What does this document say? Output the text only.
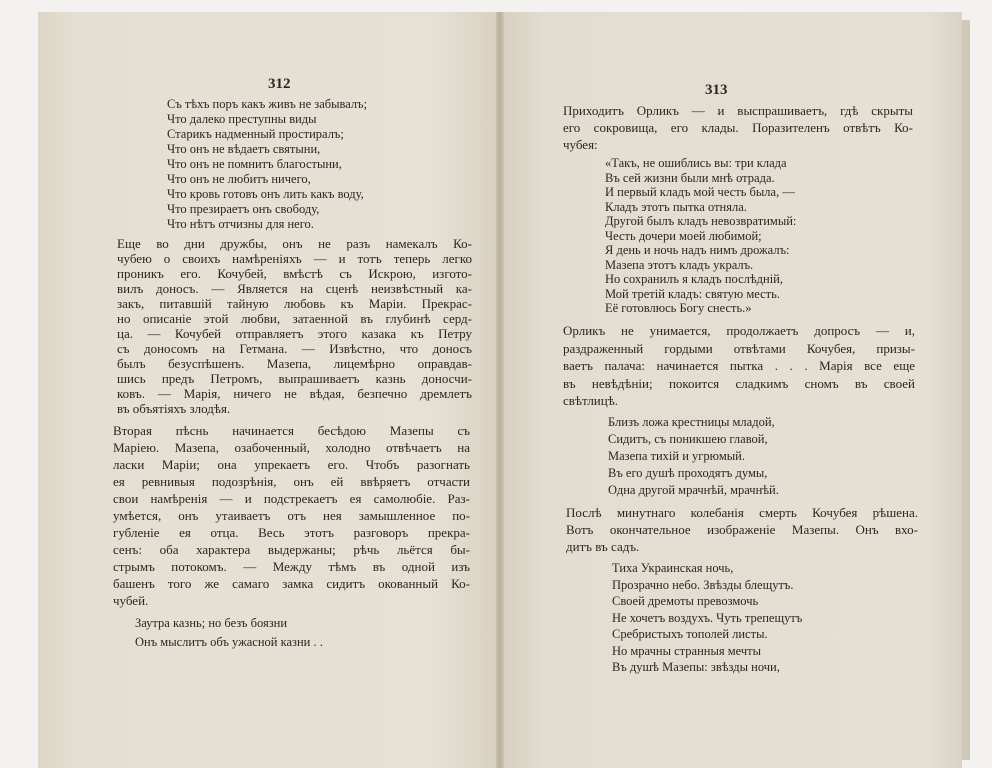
312
Съ тѣхъ поръ какъ живъ не забывалъ;
Что далеко преступны виды
Старикъ надменный простиралъ;
Что онъ не вѣдаетъ святыни,
Что онъ не помнитъ благостыни,
Что онъ не любитъ ничего,
Что кровь готовъ онъ лить какъ воду,
Что презираетъ онъ свободу,
Что нѣтъ отчизны для него.
Еще во дни дружбы, онъ не разъ намекалъ Ко-
чубею о своихъ намѣреніяхъ — и тотъ теперь легко
проникъ его. Кочубей, вмѣстѣ съ Искрою, изгото-
вилъ доносъ. — Является на сценѣ неизвѣстный ка-
закъ, питавшій тайную любовь къ Маріи. Прекрас-
но описаніе этой любви, затаенной въ глубинѣ серд-
ца. — Кочубей отправляетъ этого казака къ Петру
съ доносомъ на Гетмана. — Извѣстно, что доносъ
былъ безуспѣшенъ. Мазепа, лицемѣрно оправдав-
шись предъ Петромъ, выпрашиваетъ казнь доносчи-
ковъ. — Марія, ничего не вѣдая, безпечно дремлетъ
въ объятіяхъ злодѣя.
Вторая пѣснь начинается бесѣдою Мазепы съ
Маріею. Мазепа, озабоченный, холодно отвѣчаетъ на
ласки Маріи; она упрекаетъ его. Чтобъ разогнать
ея ревнивыя подозрѣнія, онъ ей ввѣряетъ отчасти
свои намѣренія — и подстрекаетъ ея самолюбіе. Раз-
умѣется, онъ утаиваетъ отъ нея замышленное по-
губленіе ея отца. Весь этотъ разговоръ прекра-
сенъ: оба характера выдержаны; рѣчь льётся бы-
стрымъ потокомъ. — Между тѣмъ въ одной изъ
башенъ того же самаго замка сидитъ окованный Ко-
чубей.
Заутра казнь; но безъ боязни
Онъ мыслитъ объ ужасной казни . .
313
Приходитъ Орликъ — и выспрашиваетъ, гдѣ скрыты
его сокровища, его клады. Поразителенъ отвѣтъ Ко-
чубея:
«Такъ, не ошиблись вы: три клада
Въ сей жизни были мнѣ отрада.
И первый кладъ мой честь была, —
Кладъ этотъ пытка отняла.
Другой былъ кладъ невозвратимый:
Честь дочери моей любимой;
Я день и ночь надъ нимъ дрожалъ:
Мазепа этотъ кладъ укралъ.
Но сохранилъ я кладъ послѣдній,
Мой третій кладъ: святую месть.
Её готовлюсь Богу снесть.»
Орликъ не унимается, продолжаетъ допросъ — и,
раздраженный гордыми отвѣтами Кочубея, призы-
ваетъ палача: начинается пытка . . . Марія все еще
въ невѣдѣніи; покоится сладкимъ сномъ въ своей
свѣтлицѣ.
Близъ ложа крестницы младой,
Сидитъ, съ поникшею главой,
Мазепа тихій и угрюмый.
Въ его душѣ проходятъ думы,
Одна другой мрачнѣй, мрачнѣй.
Послѣ минутнаго колебанія смерть Кочубея рѣшена.
Вотъ окончательное изображеніе Мазепы. Онъ вхо-
дитъ въ садъ.
Тиха Украинская ночь,
Прозрачно небо. Звѣзды блещутъ.
Своей дремоты превозмочь
Не хочетъ воздухъ. Чуть трепещутъ
Сребристыхъ тополей листы.
Но мрачны странныя мечты
Въ душѣ Мазепы: звѣзды ночи,
